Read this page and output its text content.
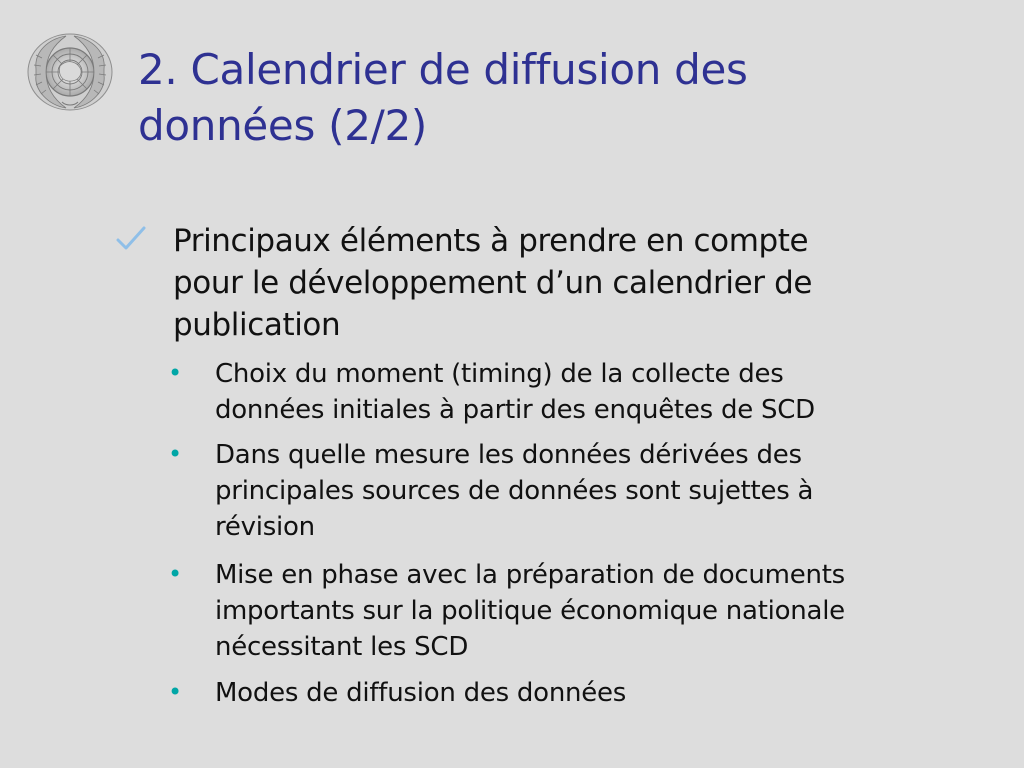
2. Calendrier de diffusion des
données (2/2)
Principaux éléments à prendre en compte
pour le développement d’un calendrier de
publication
• Choix du moment (timing) de la collecte des
données initiales à partir des enquêtes de SCD
• Dans quelle mesure les données dérivées des
principales sources de données sont sujettes à
révision
• Mise en phase avec la préparation de documents
importants sur la politique économique nationale
nécessitant les SCD
• Modes de diffusion des données
